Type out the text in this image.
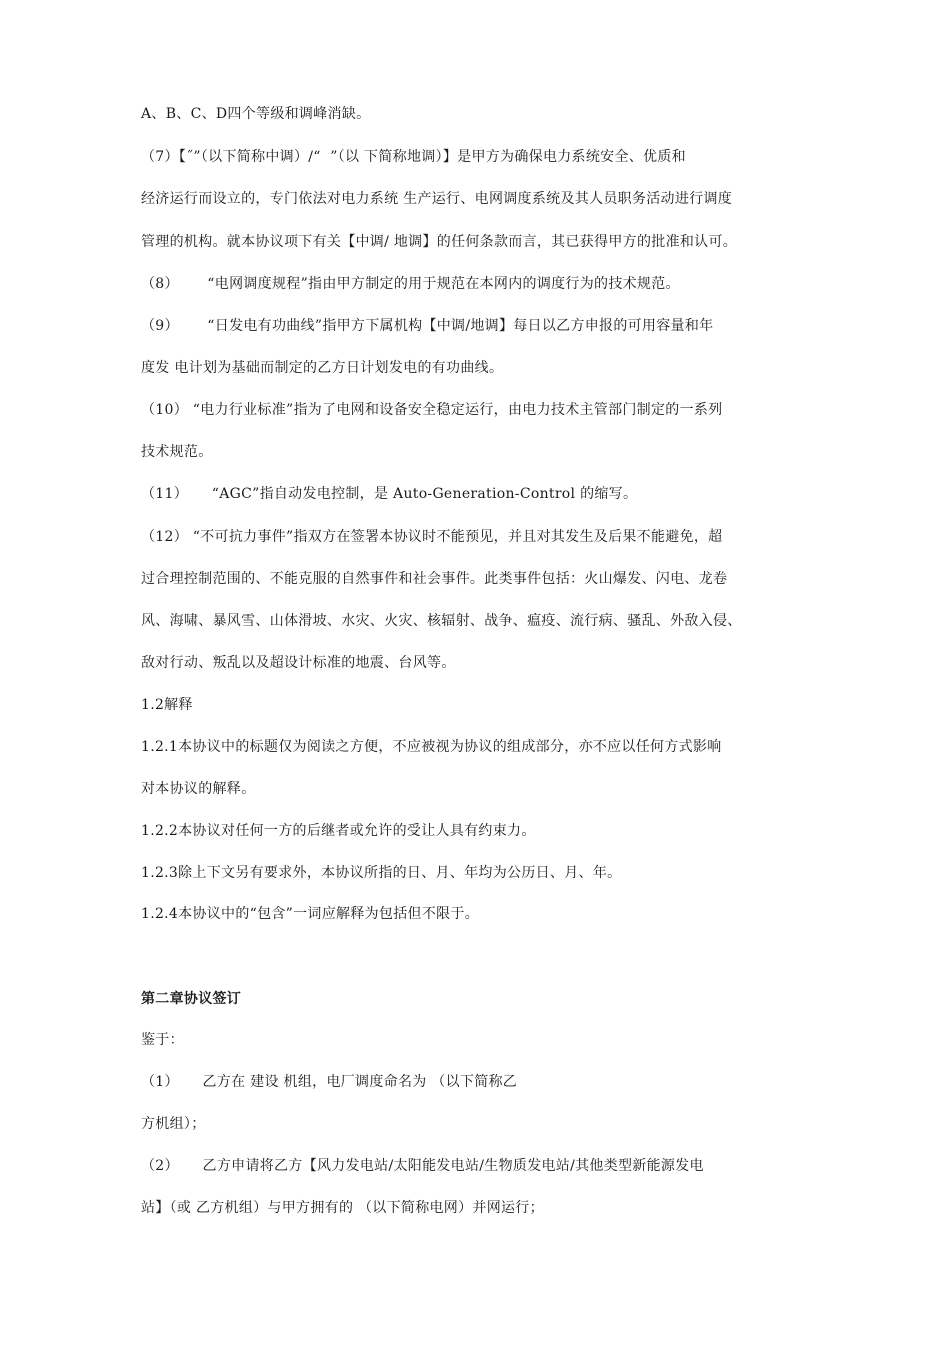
A、B、C、D四个等级和调峰消缺。
（7）【˝”（以下简称中调）/“  ”（以 下简称地调）】是甲方为确保电力系统安全、优质和
经济运行而设立的，专门依法对电力系统 生产运行、电网调度系统及其人员职务活动进行调度
管理的机构。就本协议项下有关【中调/ 地调】的任何条款而言，其已获得甲方的批准和认可。
（8）      “电网调度规程”指由甲方制定的用于规范在本网内的调度行为的技术规范。
（9）      “日发电有功曲线”指甲方下属机构【中调/地调】每日以乙方申报的可用容量和年
度发 电计划为基础而制定的乙方日计划发电的有功曲线。
（10） “电力行业标准”指为了电网和设备安全稳定运行，由电力技术主管部门制定的一系列
技术规范。
（11）     “AGC”指自动发电控制，是 Auto-Generation-Control 的缩写。
（12） “不可抗力事件”指双方在签署本协议时不能预见，并且对其发生及后果不能避免，超
过合理控制范围的、不能克服的自然事件和社会事件。此类事件包括：火山爆发、闪电、龙卷
风、海啸、暴风雪、山体滑坡、水灾、火灾、核辐射、战争、瘟疫、流行病、骚乱、外敌入侵、
敌对行动、叛乱以及超设计标准的地震、台风等。
1.2解释
1.2.1本协议中的标题仅为阅读之方便，不应被视为协议的组成部分，亦不应以任何方式影响
对本协议的解释。
1.2.2本协议对任何一方的后继者或允许的受让人具有约束力。
1.2.3除上下文另有要求外，本协议所指的日、月、年均为公历日、月、年。
1.2.4本协议中的“包含”一词应解释为包括但不限于。
第二章协议签订
鉴于：
（1）     乙方在 建设 机组，电厂调度命名为 （以下简称乙
方机组）；
（2）     乙方申请将乙方【风力发电站/太阳能发电站/生物质发电站/其他类型新能源发电
站】（或 乙方机组）与甲方拥有的 （以下简称电网）并网运行；
